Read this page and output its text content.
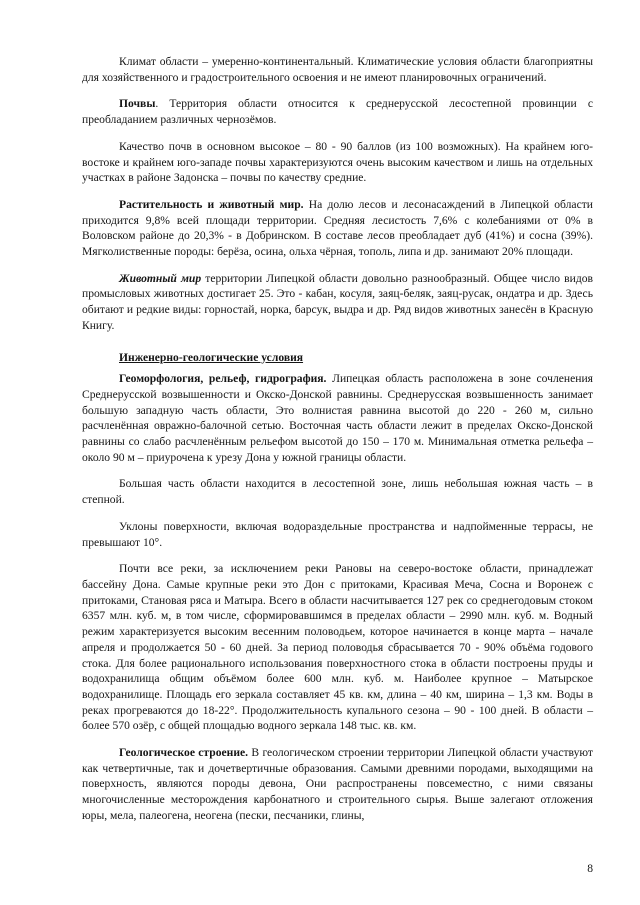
Климат области – умеренно-континентальный. Климатические условия области благоприятны для хозяйственного и градостроительного освоения и не имеют планировочных ограничений.

Почвы. Территория области относится к среднерусской лесостепной провинции с преобладанием различных чернозёмов.

Качество почв в основном высокое – 80 - 90 баллов (из 100 возможных). На крайнем юго-востоке и крайнем юго-западе почвы характеризуются очень высоким качеством и лишь на отдельных участках в районе Задонска – почвы по качеству средние.

Растительность и животный мир. На долю лесов и лесонасаждений в Липецкой области приходится 9,8% всей площади территории. Средняя лесистость 7,6% с колебаниями от 0% в Воловском районе до 20,3% - в Добринском. В составе лесов преобладает дуб (41%) и сосна (39%). Мягколиственные породы: берёза, осина, ольха чёрная, тополь, липа и др. занимают 20% площади.

Животный мир территории Липецкой области довольно разнообразный. Общее число видов промысловых животных достигает 25. Это - кабан, косуля, заяц-беляк, заяц-русак, ондатра и др. Здесь обитают и редкие виды: горностай, норка, барсук, выдра и др. Ряд видов животных занесён в Красную Книгу.

Инженерно-геологические условия

Геоморфология, рельеф, гидрография. Липецкая область расположена в зоне сочленения Среднерусской возвышенности и Окско-Донской равнины. Среднерусская возвышенность занимает большую западную часть области, Это волнистая равнина высотой до 220 - 260 м, сильно расчленённая овражно-балочной сетью. Восточная часть области лежит в пределах Окско-Донской равнины со слабо расчленённым рельефом высотой до 150 – 170 м. Минимальная отметка рельефа – около 90 м – приурочена к урезу Дона у южной границы области.

Большая часть области находится в лесостепной зоне, лишь небольшая южная часть – в степной.

Уклоны поверхности, включая водораздельные пространства и надпойменные террасы, не превышают 10°.

Почти все реки, за исключением реки Рановы на северо-востоке области, принадлежат бассейну Дона. Самые крупные реки это Дон с притоками, Красивая Меча, Сосна и Воронеж с притоками, Становая ряса и Матыра. Всего в области насчитывается 127 рек со среднегодовым стоком 6357 млн. куб. м, в том числе, сформировавшимся в пределах области – 2990 млн. куб. м. Водный режим характеризуется высоким весенним половодьем, которое начинается в конце марта – начале апреля и продолжается 50 - 60 дней. За период половодья сбрасывается 70 - 90% объёма годового стока. Для более рационального использования поверхностного стока в области построены пруды и водохранилища общим объёмом более 600 млн. куб. м. Наиболее крупное – Матырское водохранилище. Площадь его зеркала составляет 45 кв. км, длина – 40 км, ширина – 1,3 км. Воды в реках прогреваются до 18-22°. Продолжительность купального сезона – 90 - 100 дней. В области – более 570 озёр, с общей площадью водного зеркала 148 тыс. кв. км.

Геологическое строение. В геологическом строении территории Липецкой области участвуют как четвертичные, так и дочетвертичные образования. Самыми древними породами, выходящими на поверхность, являются породы девона, Они распространены повсеместно, с ними связаны многочисленные месторождения карбонатного и строительного сырья. Выше залегают отложения юры, мела, палеогена, неогена (пески, песчаники, глины,

8
